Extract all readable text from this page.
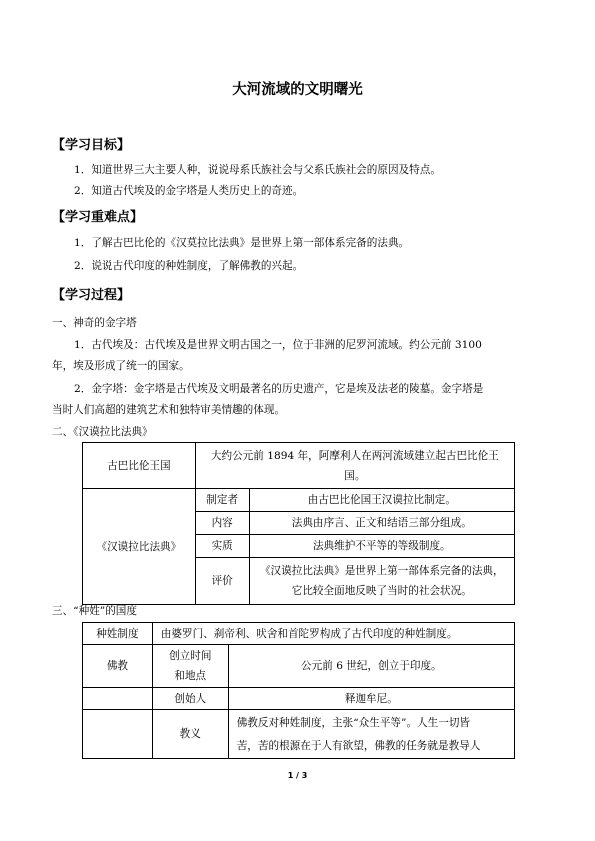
大河流域的文明曙光
【学习目标】
1．知道世界三大主要人种，说说母系氏族社会与父系氏族社会的原因及特点。
2．知道古代埃及的金字塔是人类历史上的奇迹。
【学习重难点】
1．了解古巴比伦的《汉莫拉比法典》是世界上第一部体系完备的法典。
2．说说古代印度的种姓制度，了解佛教的兴起。
【学习过程】
一、神奇的金字塔
1．古代埃及：古代埃及是世界文明古国之一，位于非洲的尼罗河流域。约公元前 3100
年，埃及形成了统一的国家。
2．金字塔：金字塔是古代埃及文明最著名的历史遗产，它是埃及法老的陵墓。金字塔是
当时人们高超的建筑艺术和独特审美情趣的体现。
二、《汉谟拉比法典》
古巴比伦王国	大约公元前 1894 年，阿摩利人在两河流域建立起古巴比伦王国。	
《汉谟拉比法典》	制定者	由古巴比伦国王汉谟拉比制定。
	内容	法典由序言、正文和结语三部分组成。
	实质	法典维护不平等的等级制度。
	评价	《汉谟拉比法典》是世界上第一部体系完备的法典，它比较全面地反映了当时的社会状况。
三、“种姓”的国度
种姓制度	由婆罗门、刹帝利、吠舍和首陀罗构成了古代印度的种姓制度。	
佛教	创立时间和地点	公元前 6 世纪，创立于印度。
	创始人	释迦牟尼。
	教义	佛教反对种姓制度，主张“众生平等”。人生一切皆
苦，苦的根源在于人有欲望，佛教的任务就是教导人
1 / 3
